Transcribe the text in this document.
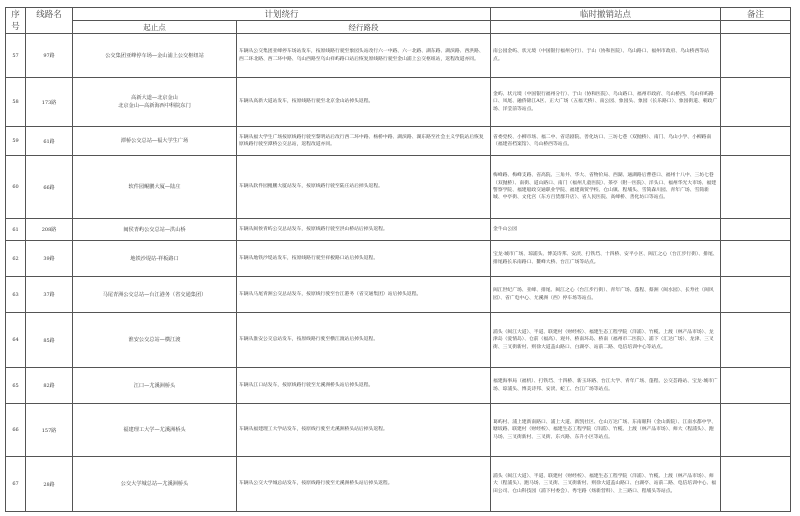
序号	线路名	计划绕行		临时撤销站点	备注
		起止点	经行路段		
57	97路	公交集团亚峰停车场—金山浦上公交枢纽站	车辆从公交集团亚峰停车场站发车，按原线路行驶至象园头站改行六一中路、六一北路、湖东路、湖滨路、西洪路、西二环北路、西二环中路、乌山西路至乌山祥屿路口站后恢复原线路行驶至金山浦上公交枢纽站，返程改道亦同。	南公园金屿、状元境（中国银行福州分行）、于山（协和医院）、乌山路口、福州市政府、乌山桥西等站点。	
58	173路	高新大道—北京金山
北京金山—高新海西中科院东门	车辆从高新大道站发车，按原线路行驶至北京金山站掉头返程。	金屿、状元境（中国银行福州分行）、于山（协和医院）、乌山路口、福州市政府、乌山桥西、乌山祥屿路口、凤尾、融侨锦江A区、正大广场（五福天桥）、南公园、象园头、象园（长乐路口）、象园街道、朝政广场、洋莹前等站点。	
59	61路	潭桥公交总站—福大学生广场	车辆从福大学生广场按原线路行驶至黎明站后改行西二环中路、杨桥中路、湖滨路、湖东路至社会主义学院站后恢复原线路行驶至潭桥公交总站，返程改道亦同。	省委党校、小柳市场、福二中、省话剧院、善化坊口、三坊七巷（双抛桥）、南门、乌山小学、小柳路南（福建省档案馆）、乌山桥西等站点。	
60	66路	软件园鲲鹏大厦—陆庄	车辆从软件园鲲鹏大厦站发车，按原线路行驶至陆庄站后掉头返程。	梅峰路、梅峰支路、省高院、三角井、华大、省物价局、西湖、通湖路后曹巷口、福州十八中、三坊七巷（双抛桥）、南街、道山路口、南门（福州儿童医院）、茶亭（附一医院）、洋头口、福州华光大市场、福建警察学院、福建船政交通职业学院、福建商贸学校、仓山镇、程埔头、雪筒森川园、青年广场、雪筒新城、中亭街、文化宫（东方百货群升店）、省人民医院、高峰桥、善化坊口等站点。	
61	208路	闽侯青屿公交总站—洪山桥	车辆从闽侯青屿公交总站发车，按原线路行驶至洪山桥站后掉头返程。	金牛山公园	
62	39路	地铁沙堤站-祥板路口	车辆从地铁沙堤站发车，按原线路行驶至祥板路口站后掉头返程。	宝龙·城市广场、琼浦头、博美诗邦、安淡、打铁垱、十四桥、安平小区、闽江之心（台江步行街）、排尾、排尾路长乐南路口、鳌峰大桥、台江广场等站点。	
63	37路	马尾青洲公交总站—台江港务（省交通集团）	车辆从马尾青洲公交总站发车，按原线行驶至台江港务（省交通集团）站后掉头返程。	闽江世纪广场、亚峰、排尾、闽江之心（台江步行街）、青年广场、蓬程、蔡洲（闽水园）、长寿社（闽风园）、省广电中心、尤溪洲（西）停车场等站点。	
64	85路	淮安公交总站—横江渡	车辆从淮安公交总站发车，按原线路行驶至横江渡站后掉头返程。	浦头（闽江大道）、半道、联建村（财经校）、福建生态工程学院（洋浦）、竹榄、上渡（林产品市场）、龙津岛（爱情岛）、仓前（福高）、观井、桥南环岛、桥南（福州市二医院）、浦下（汇达广场）、龙津、三叉街、三叉街新村、则徐大道盖山路口、白湖亭、站前二路、电信培训中心等站点。	
65	82路	江口—尤溪洲桥头	车辆从江口站发车，按原线路行驶至尤溪洲桥头站后掉头返程。	福建海事局（福机）、打铁垱、十四桥、新玉环路、台江大学、青年广场、蓬程、公交荟路站、宝龙·城市广场、琼浦头、博美诗邦、安淡、蛇工、台江广场等站点。	
66	157路	福建理工大学—尤溪洲桥头	车辆从福建理工大学站发车，按原线行驶至尤溪洲桥头站后掉头返程。	葛屿村、浦上建新南路口、浦上大道、新凯社区、仓山万达广场、东南眼科（金山新院）、江南水都中学、塘坂路、联建村（财经校）、福建生态工程学院（洋浦）、竹榄、上渡（林产品市场）、师大（程浦头）、跑马场、三叉街新村、三叉街、东兴路、东升小区等站点。	
67	28路	公交大学城总站—尤溪洲桥头	车辆从公交大学城总站发车，按原线路行驶至尤溪洲桥头站后掉头返程。	浦头（闽江大道）、半道、联建村（财经校）、福建生态工程学院（洋浦）、竹榄、上渡（林产品市场）、师大（程浦头）、跑马场、三叉街、三叉街新村、则徐大道盖山路口、白湖亭、站前二路、电信培训中心、福田公司、仓山科技园（浦下村委会）、秀宅路（炀新营料）、上三路口、程埔头等站点。	
